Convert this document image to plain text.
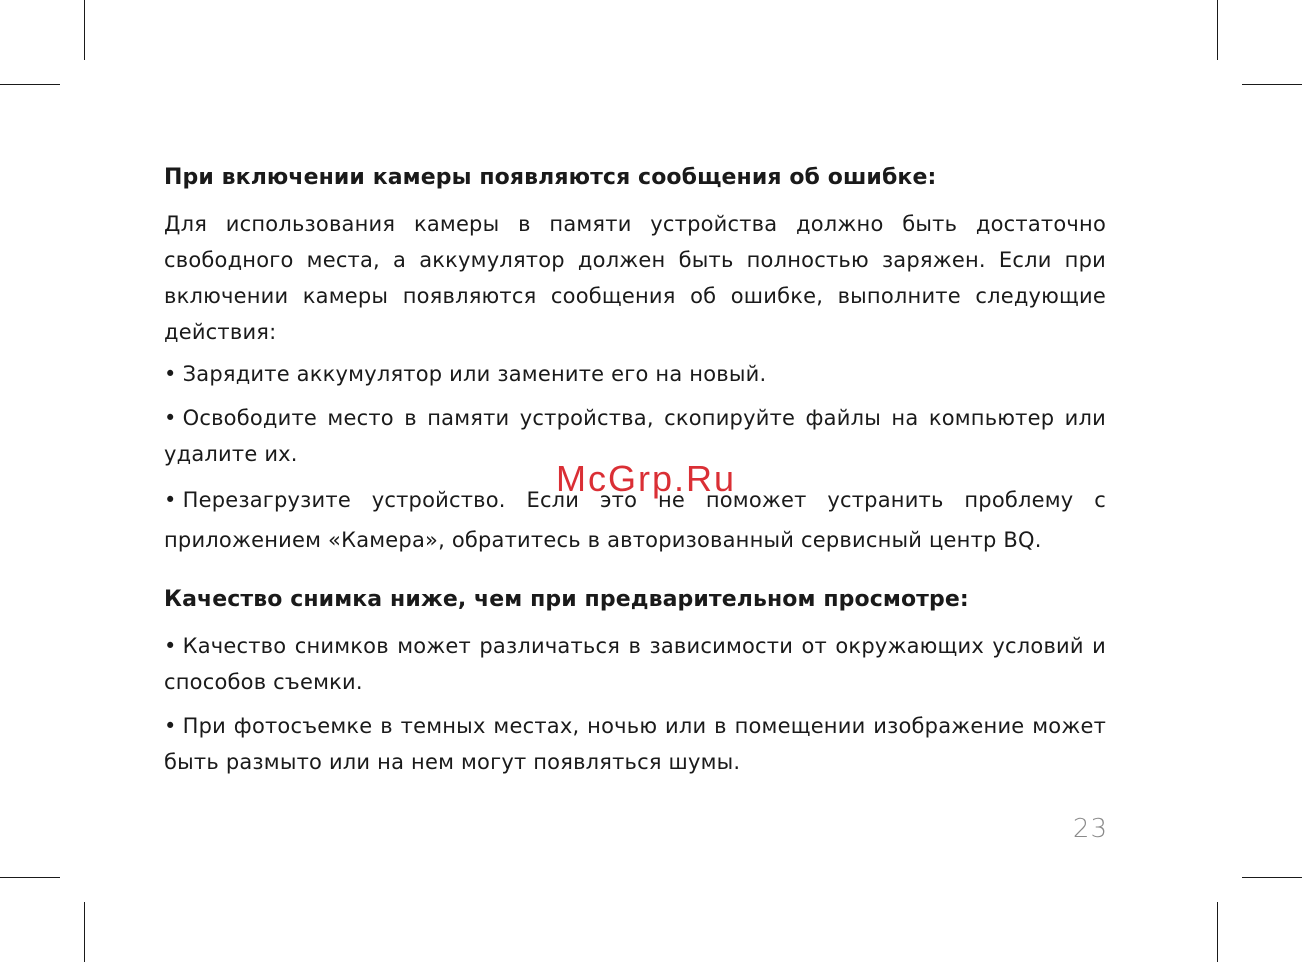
При включении камеры появляются сообщения об ошибке:

Для использования камеры в памяти устройства должно быть достаточно свободного места, а аккумулятор должен быть полностью заряжен. Если при включении камеры появляются сообщения об ошибке, выполните следующие действия:

• Зарядите аккумулятор или замените его на новый.

• Освободите место в памяти устройства, скопируйте файлы на компьютер или удалите их.

• Перезагрузите устройство. Если это не поможет устранить проблему с приложением «Камера», обратитесь в авторизованный сервисный центр BQ.

Качество снимка ниже, чем при предварительном просмотре:

• Качество снимков может различаться в зависимости от окружающих условий и способов съемки.

• При фотосъемке в темных местах, ночью или в помещении изображение может быть размыто или на нем могут появляться шумы.

McGrp.Ru
23
